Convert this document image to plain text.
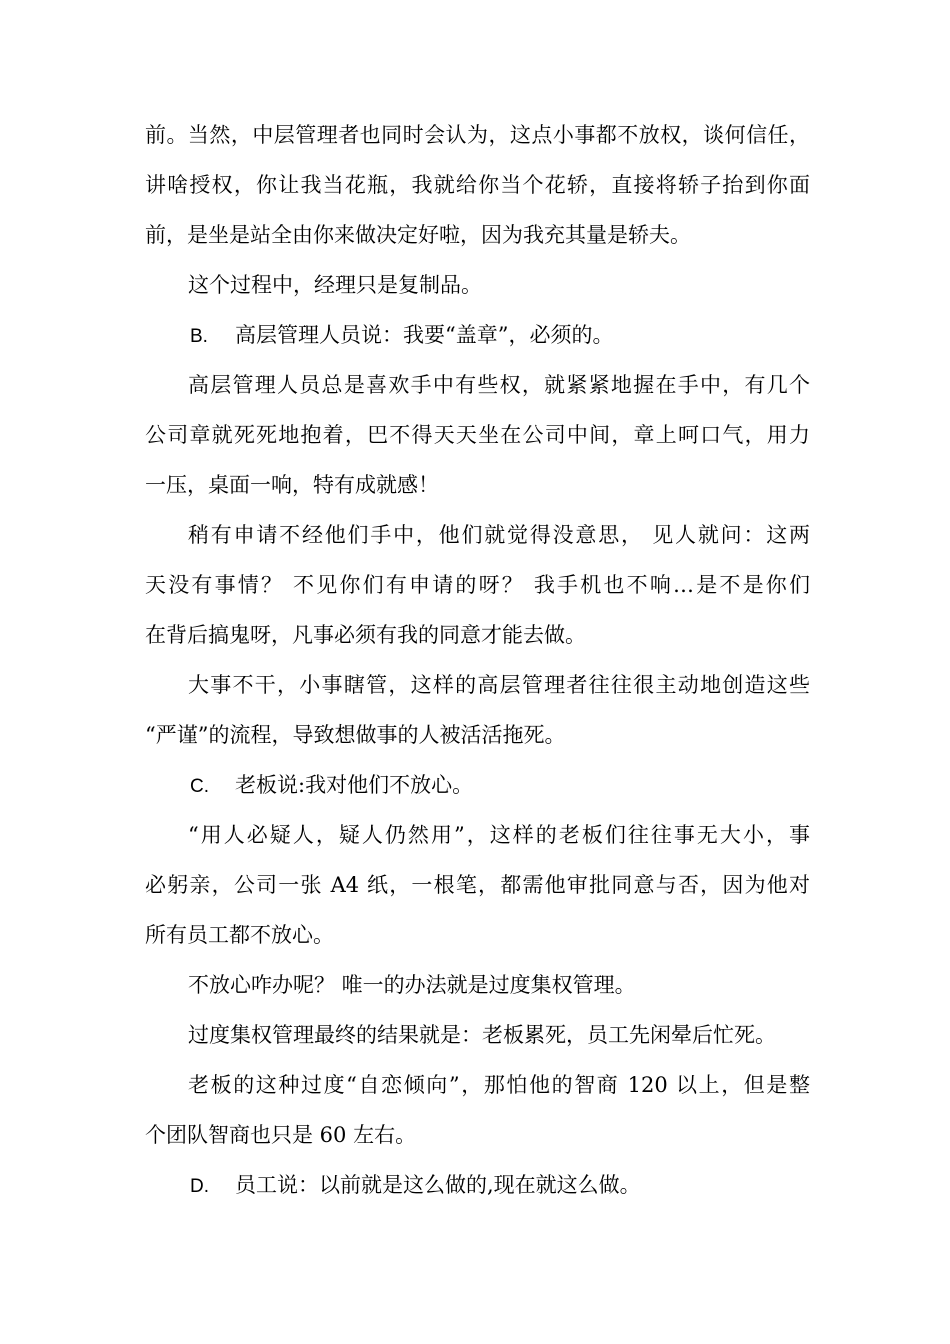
前。当然，中层管理者也同时会认为，这点小事都不放权，谈何信任，
讲啥授权，你让我当花瓶，我就给你当个花轿，直接将轿子抬到你面
前，是坐是站全由你来做决定好啦，因为我充其量是轿夫。
这个过程中，经理只是复制品。
B. 高层管理人员说：我要“盖章”，必须的。
高层管理人员总是喜欢手中有些权，就紧紧地握在手中，有几个
公司章就死死地抱着，巴不得天天坐在公司中间，章上呵口气，用力
一压，桌面一响，特有成就感！
稍有申请不经他们手中，他们就觉得没意思， 见人就问：这两
天没有事情？ 不见你们有申请的呀？ 我手机也不响…是不是你们
在背后搞鬼呀，凡事必须有我的同意才能去做。
大事不干，小事瞎管，这样的高层管理者往往很主动地创造这些
“严谨”的流程，导致想做事的人被活活拖死。
C. 老板说:我对他们不放心。
“用人必疑人，疑人仍然用”，这样的老板们往往事无大小，事
必躬亲，公司一张 A4 纸，一根笔，都需他审批同意与否，因为他对
所有员工都不放心。
不放心咋办呢？ 唯一的办法就是过度集权管理。
过度集权管理最终的结果就是：老板累死，员工先闲晕后忙死。
老板的这种过度“自恋倾向”，那怕他的智商 120 以上，但是整
个团队智商也只是 60 左右。
D. 员工说：以前就是这么做的,现在就这么做。
